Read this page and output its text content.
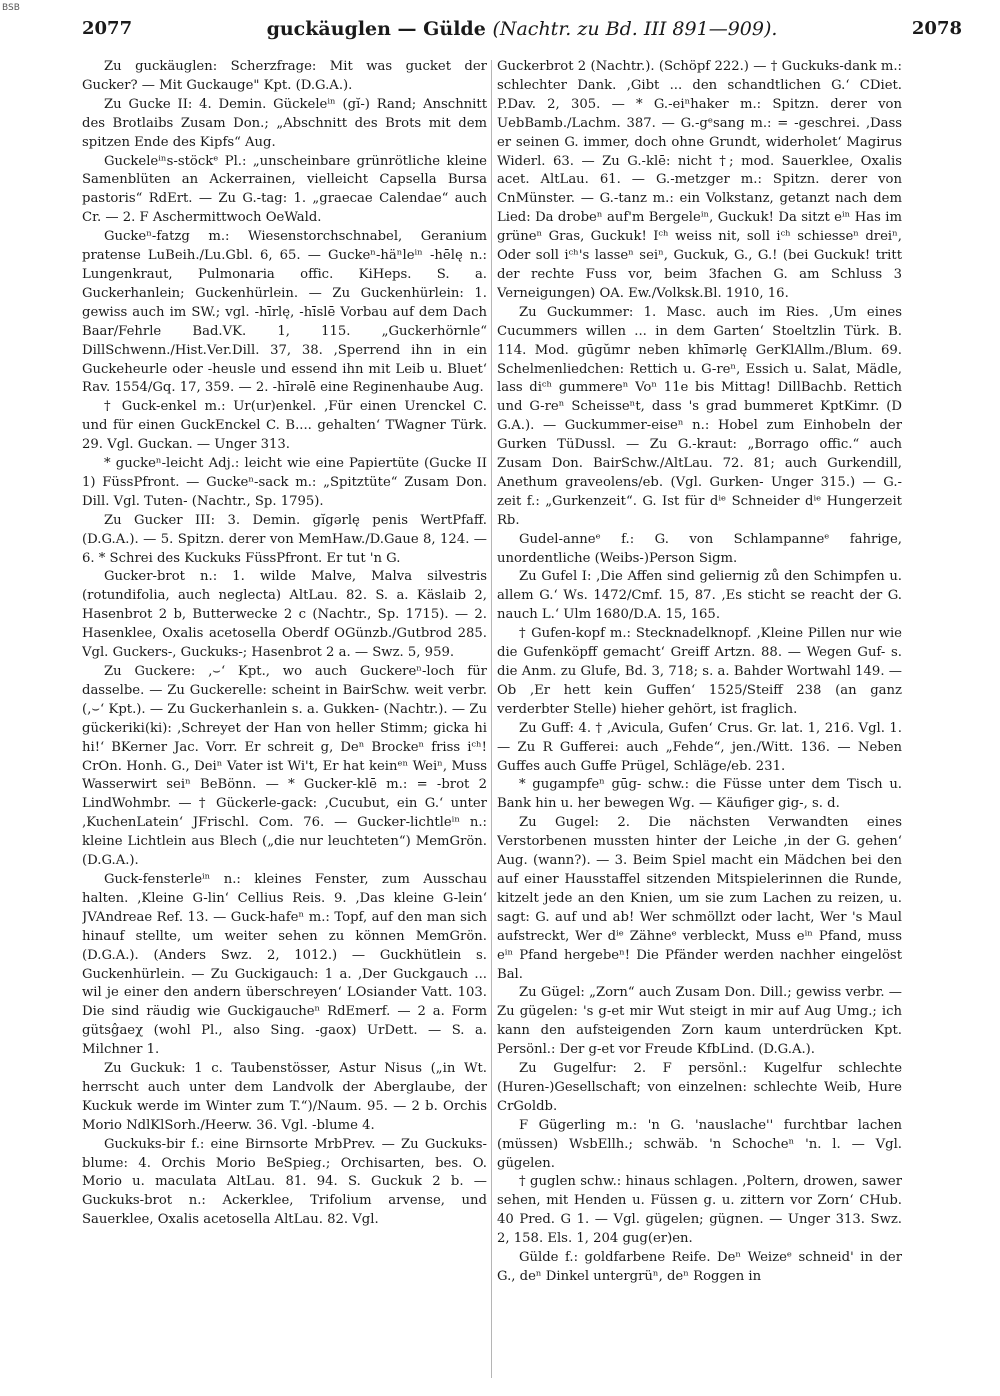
BSB
2077	guckäuglen — Gülde (Nachtr. zu Bd. III 891—909).	2078

Zu guckäuglen: Scherzfrage: Mit was gucket der Gucker? — Mit Guckauge" Kpt. (D.G.A.).

Zu Gucke II: 4. Demin. Gückeleⁱⁿ (gĭ-) Rand; Anschnitt des Brotlaibs Zusam Don.; „Abschnitt des Brots mit dem spitzen Ende des Kipfs“ Aug.

Guckeleⁱⁿs-stöckᵉ Pl.: „unscheinbare grünrötliche kleine Samenblüten an Ackerrainen, vielleicht Capsella Bursa pastoris“ RdErt. — Zu G.-tag: 1. „graecae Calendae“ auch Cr. — 2. F Aschermittwoch OeWald.

Guckeⁿ-fatzg m.: Wiesenstorchschnabel, Geranium pratense LuBeih./Lu.Gbl. 6, 65. — Guckeⁿ-häⁿleⁱⁿ -hēlę n.: Lungenkraut, Pulmonaria offic. KiHeps. S. a. Guckerhanlein; Guckenhürlein. — Zu Guckenhürlein: 1. gewiss auch im SW.; vgl. -hīrlę, -hīslē Vorbau auf dem Dach Baar/Fehrle Bad.VK. 1, 115. „Guckerhörnle“ DillSchwenn./Hist.Ver.Dill. 37, 38. ‚Sperrend ihn in ein Guckeheurle oder -heusle und essend ihn mit Leib u. Bluet‘ Rav. 1554/Gq. 17, 359. — 2. -hīrəlē eine Reginenhaube Aug.

† Guck-enkel m.: Ur(ur)enkel. ‚Für einen Urenckel C. und für einen GuckEnckel C. B.... gehalten‘ TWagner Türk. 29. Vgl. Guckan. — Unger 313.

* guckeⁿ-leicht Adj.: leicht wie eine Papiertüte (Gucke II 1) FüssPfront. — Guckeⁿ-sack m.: „Spitztüte“ Zusam Don. Dill. Vgl. Tuten- (Nachtr., Sp. 1795).

Zu Gucker III: 3. Demin. gĭgərlę penis WertPfaff. (D.G.A.). — 5. Spitzn. derer von MemHaw./D.Gaue 8, 124. — 6. * Schrei des Kuckuks FüssPfront. Er tut 'n G.

Gucker-brot n.: 1. wilde Malve, Malva silvestris (rotundifolia, auch neglecta) AltLau. 82. S. a. Käslaib 2, Hasenbrot 2 b, Butterwecke 2 c (Nachtr., Sp. 1715). — 2. Hasenklee, Oxalis acetosella Oberdf OGünzb./Gutbrod 285. Vgl. Guckers-, Guckuks-; Hasenbrot 2 a. — Swz. 5, 959.

Zu Guckere: ‚⌣‘ Kpt., wo auch Guckereⁿ-loch für dasselbe. — Zu Guckerelle: scheint in BairSchw. weit verbr. (‚⌣‘ Kpt.). — Zu Guckerhanlein s. a. Gukken- (Nachtr.). — Zu gückeriki(ki): ‚Schreyet der Han von heller Stimm; gicka hi hi!‘ BKerner Jac. Vorr. Er schreit g, Deⁿ Brockeⁿ friss iᶜʰ! CrOn. Honh. G., Deiⁿ Vater ist Wi't, Er hat keinᵉⁿ Weiⁿ, Muss Wasserwirt seiⁿ BeBönn. — * Gucker-klē m.: = -brot 2 LindWohmbr. — † Gückerle-gack: ‚Cucubut, ein G.‘ unter ‚KuchenLatein‘ JFrischl. Com. 76. — Gucker-lichtleⁱⁿ n.: kleine Lichtlein aus Blech („die nur leuchteten“) MemGrön. (D.G.A.).

Guck-fensterleⁱⁿ n.: kleines Fenster, zum Ausschau halten. ‚Kleine G-lin‘ Cellius Reis. 9. ‚Das kleine G-lein‘ JVAndreae Ref. 13. — Guck-hafeⁿ m.: Topf, auf den man sich hinauf stellte, um weiter sehen zu können MemGrön. (D.G.A.). (Anders Swz. 2, 1012.) — Guckhütlein s. Guckenhürlein. — Zu Guckigauch: 1 a. ‚Der Guckgauch ... wil je einer den andern überschreyen‘ LOsiander Vatt. 103. Die sind räudig wie Guckigaucheⁿ RdEmerf. — 2 a. Form gütsĝaeχ (wohl Pl., also Sing. -gaox) UrDett. — S. a. Milchner 1.

Zu Guckuk: 1 c. Taubenstösser, Astur Nisus („in Wt. herrscht auch unter dem Landvolk der Aberglaube, der Kuckuk werde im Winter zum T.“)/Naum. 95. — 2 b. Orchis Morio NdlKlSorh./Heerw. 36. Vgl. -blume 4.

Guckuks-bir f.: eine Birnsorte MrbPrev. — Zu Guckuks-blume: 4. Orchis Morio BeSpieg.; Orchisarten, bes. O. Morio u. maculata AltLau. 81. 94. S. Guckuk 2 b. — Guckuks-brot n.: Ackerklee, Trifolium arvense, und Sauerklee, Oxalis acetosella AltLau. 82. Vgl.

Guckerbrot 2 (Nachtr.). (Schöpf 222.) — † Guckuks-dank m.: schlechter Dank. ‚Gibt ... den schandtlichen G.‘ CDiet. P.Dav. 2, 305. — * G.-eiⁿhaker m.: Spitzn. derer von UebBamb./Lachm. 387. — G.-gᵉsang m.: = -geschrei. ‚Dass er seinen G. immer, doch ohne Grundt, widerholet‘ Magirus Widerl. 63. — Zu G.-klē: nicht †; mod. Sauerklee, Oxalis acet. AltLau. 61. — G.-metzger m.: Spitzn. derer von CnMünster. — G.-tanz m.: ein Volkstanz, getanzt nach dem Lied: Da drobeⁿ auf'm Bergeleⁱⁿ, Guckuk! Da sitzt eⁱⁿ Has im grüneⁿ Gras, Guckuk! Iᶜʰ weiss nit, soll iᶜʰ schiesseⁿ dreiⁿ, Oder soll iᶜʰ's lasseⁿ seiⁿ, Guckuk, G., G.! (bei Guckuk! tritt der rechte Fuss vor, beim 3fachen G. am Schluss 3 Verneigungen) OA. Ew./Volksk.Bl. 1910, 16.

Zu Guckummer: 1. Masc. auch im Ries. ‚Um eines Cucummers willen ... in dem Garten‘ Stoeltzlin Türk. B. 114. Mod. gūgŭmr neben khīmərlę GerKlAllm./Blum. 69. Schelmenliedchen: Rettich u. G-reⁿ, Essich u. Salat, Mädle, lass diᶜʰ gummereⁿ Voⁿ 11e bis Mittag! DillBachb. Rettich und G-reⁿ Scheisseⁿt, dass 's grad bummeret KptKimr. (D G.A.). — Guckummer-eiseⁿ n.: Hobel zum Einhobeln der Gurken TüDussl. — Zu G.-kraut: „Borrago offic.“ auch Zusam Don. BairSchw./AltLau. 72. 81; auch Gurkendill, Anethum graveolens/eb. (Vgl. Gurken- Unger 315.) — G.-zeit f.: „Gurkenzeit“. G. Ist für dⁱᵉ Schneider dⁱᵉ Hungerzeit Rb.

Gudel-anneᵉ f.: G. von Schlampanneᵉ fahrige, unordentliche (Weibs-)Person Sigm.

Zu Gufel I: ‚Die Affen sind geliernig zů den Schimpfen u. allem G.‘ Ws. 1472/Cmf. 15, 87. ‚Es sticht se reacht der G. nauch L.‘ Ulm 1680/D.A. 15, 165.

† Gufen-kopf m.: Stecknadelknopf. ‚Kleine Pillen nur wie die Gufenköpff gemacht‘ Greiff Artzn. 88. — Wegen Guf- s. die Anm. zu Glufe, Bd. 3, 718; s. a. Bahder Wortwahl 149. — Ob ‚Er hett kein Guffen‘ 1525/Steiff 238 (an ganz verderbter Stelle) hieher gehört, ist fraglich.

Zu Guff: 4. † ‚Avicula, Gufen‘ Crus. Gr. lat. 1, 216. Vgl. 1. — Zu R Gufferei: auch „Fehde“, jen./Witt. 136. — Neben Guffes auch Guffe Prügel, Schläge/eb. 231.

* gugampfeⁿ gūg- schw.: die Füsse unter dem Tisch u. Bank hin u. her bewegen Wg. — Käufiger gig-, s. d.

Zu Gugel: 2. Die nächsten Verwandten eines Verstorbenen mussten hinter der Leiche ‚in der G. gehen‘ Aug. (wann?). — 3. Beim Spiel macht ein Mädchen bei den auf einer Hausstaffel sitzenden Mitspielerinnen die Runde, kitzelt jede an den Knien, um sie zum Lachen zu reizen, u. sagt: G. auf und ab! Wer schmöllzt oder lacht, Wer 's Maul aufstreckt, Wer dⁱᵉ Zähneᵉ verbleckt, Muss eⁱⁿ Pfand, muss eⁱⁿ Pfand hergebeⁿ! Die Pfänder werden nachher eingelöst Bal.

Zu Gügel: „Zorn“ auch Zusam Don. Dill.; gewiss verbr. — Zu gügelen: 's g-et mir Wut steigt in mir auf Aug Umg.; ich kann den aufsteigenden Zorn kaum unterdrücken Kpt. Persönl.: Der g-et vor Freude KfbLind. (D.G.A.).

Zu Gugelfur: 2. F persönl.: Kugelfur schlechte (Huren-)Gesellschaft; von einzelnen: schlechte Weib, Hure CrGoldb.

F Gügerling m.: 'n G. 'nauslache'' furchtbar lachen (müssen) WsbEllh.; schwäb. 'n Schocheⁿ 'n. l. — Vgl. gügelen.

† guglen schw.: hinaus schlagen. ‚Poltern, drowen, sawer sehen, mit Henden u. Füssen g. u. zittern vor Zorn‘ CHub. 40 Pred. G 1. — Vgl. gügelen; gügnen. — Unger 313. Swz. 2, 158. Els. 1, 204 gug(er)en.

Gülde f.: goldfarbene Reife. Deⁿ Weizeᵉ schneid' in der G., deⁿ Dinkel untergrüⁿ, deⁿ Roggen in
